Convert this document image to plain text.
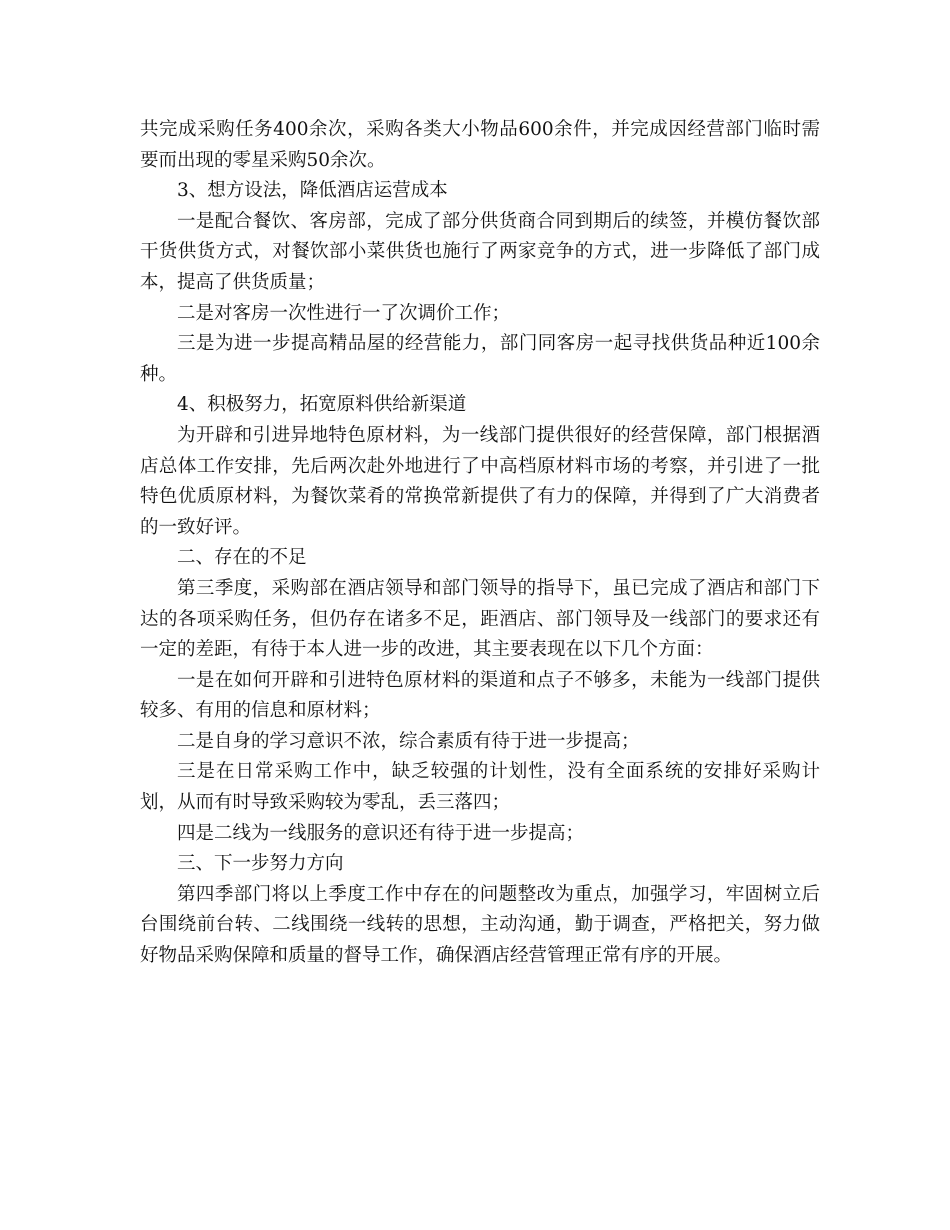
共完成采购任务400余次，采购各类大小物品600余件，并完成因经营部门临时需要而出现的零星采购50余次。

3、想方设法，降低酒店运营成本

一是配合餐饮、客房部，完成了部分供货商合同到期后的续签，并模仿餐饮部干货供货方式，对餐饮部小菜供货也施行了两家竞争的方式，进一步降低了部门成本，提高了供货质量；

二是对客房一次性进行一了次调价工作；

三是为进一步提高精品屋的经营能力，部门同客房一起寻找供货品种近100余种。

4、积极努力，拓宽原料供给新渠道

为开辟和引进异地特色原材料，为一线部门提供很好的经营保障，部门根据酒店总体工作安排，先后两次赴外地进行了中高档原材料市场的考察，并引进了一批特色优质原材料，为餐饮菜肴的常换常新提供了有力的保障，并得到了广大消费者的一致好评。

二、存在的不足

第三季度，采购部在酒店领导和部门领导的指导下，虽已完成了酒店和部门下达的各项采购任务，但仍存在诸多不足，距酒店、部门领导及一线部门的要求还有一定的差距，有待于本人进一步的改进，其主要表现在以下几个方面：

一是在如何开辟和引进特色原材料的渠道和点子不够多，未能为一线部门提供较多、有用的信息和原材料；

二是自身的学习意识不浓，综合素质有待于进一步提高；

三是在日常采购工作中，缺乏较强的计划性，没有全面系统的安排好采购计划，从而有时导致采购较为零乱，丢三落四；

四是二线为一线服务的意识还有待于进一步提高；

三、下一步努力方向

第四季部门将以上季度工作中存在的问题整改为重点，加强学习，牢固树立后台围绕前台转、二线围绕一线转的思想，主动沟通，勤于调查，严格把关，努力做好物品采购保障和质量的督导工作，确保酒店经营管理正常有序的开展。
